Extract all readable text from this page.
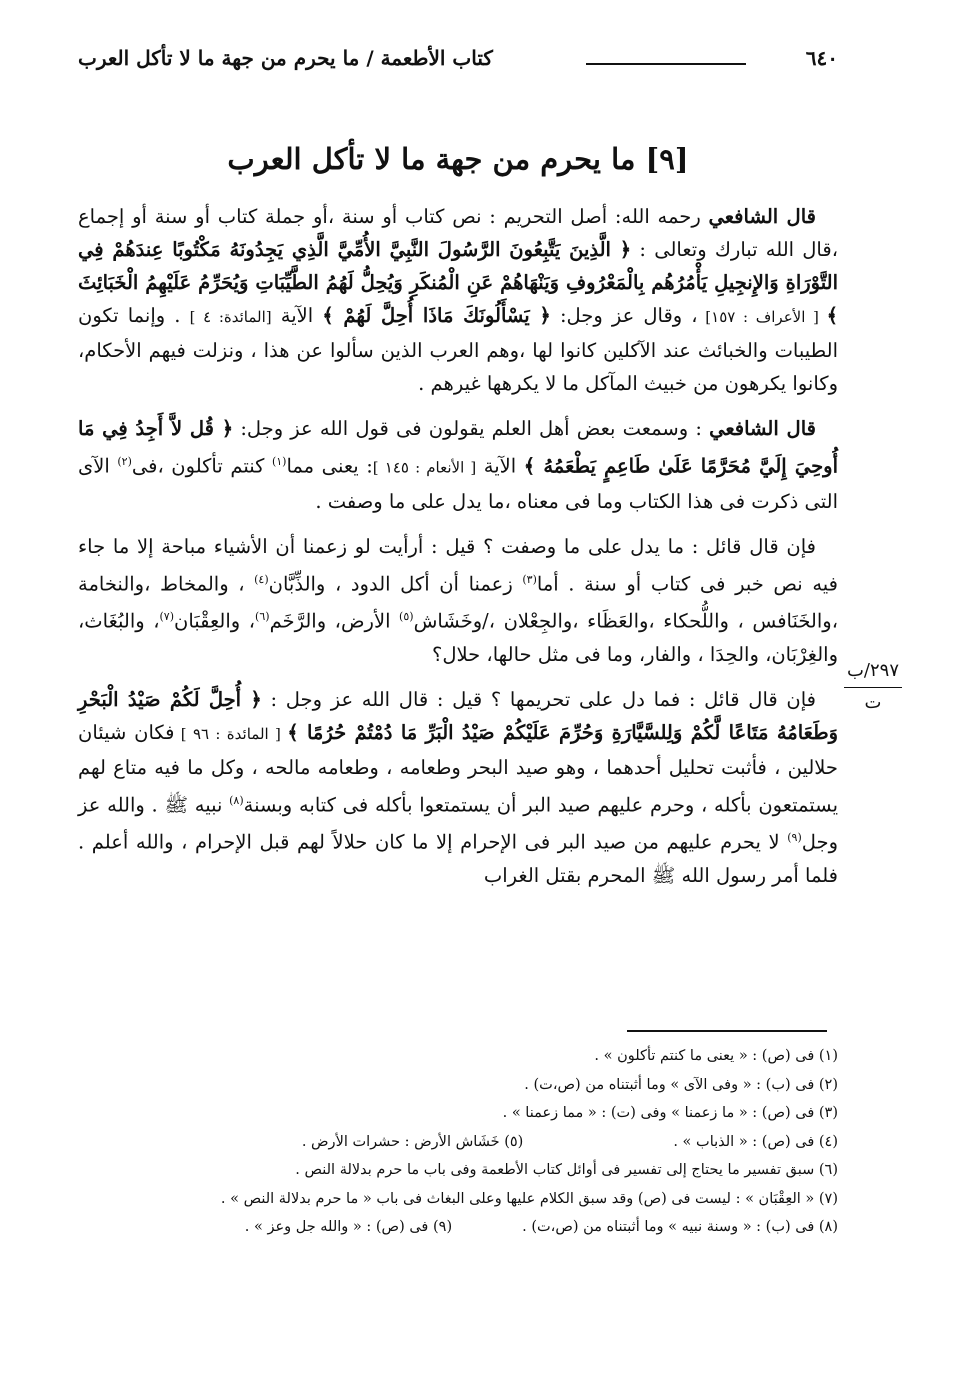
٦٤٠
كتاب الأطعمة / ما يحرم من جهة ما لا تأكل العرب
[٩] ما يحرم من جهة ما لا تأكل العرب
٢٩٧/ب
ت

قال الشافعي رحمه الله: أصل التحريم : نص كتاب أو سنة ،أو جملة كتاب أو سنة أو إجماع ،قال الله تبارك وتعالى : ﴿ الَّذِينَ يَتَّبِعُونَ الرَّسُولَ النَّبِيَّ الأُمِّيَّ الَّذِي يَجِدُونَهُ مَكْتُوبًا عِندَهُمْ فِي التَّوْرَاةِ وَالإِنجِيلِ يَأْمُرُهُم بِالْمَعْرُوفِ وَيَنْهَاهُمْ عَنِ الْمُنكَرِ وَيُحِلُّ لَهُمُ الطَّيِّبَاتِ وَيُحَرِّمُ عَلَيْهِمُ الْخَبَائِثَ ﴾ [ الأعراف : ١٥٧] ، وقال عز وجل: ﴿ يَسْأَلُونَكَ مَاذَا أُحِلَّ لَهُمْ ﴾ الآية [المائدة: ٤ ] . وإنما تكون الطيبات والخبائث عند الآكلين كانوا لها ،وهم العرب الذين سألوا عن هذا ، ونزلت فيهم الأحكام، وكانوا يكرهون من خبيث المآكل ما لا يكرهها غيرهم .

قال الشافعي : وسمعت بعض أهل العلم يقولون فى قول الله عز وجل: ﴿ قُل لاَّ أَجِدُ فِي مَا أُوحِيَ إِلَيَّ مُحَرَّمًا عَلَىٰ طَاعِمٍ يَطْعَمُهُ ﴾ الآية [ الأنعام : ١٤٥ ]: يعنى مما$^{(١)}$ كنتم تأكلون ،فى$^{(٢)}$ الآى التى ذكرت فى هذا الكتاب وما فى معناه ،ما يدل على ما وصفت .

فإن قال قائل : ما يدل على ما وصفت ؟ قيل : أرأيت لو زعمنا أن الأشياء مباحة إلا ما جاء فيه نص خبر فى كتاب أو سنة . أما$^{(٣)}$ زعمنا أن أكل الدود ، والذِّبَّان$^{(٤)}$ ، والمخاط ،والنخامة ،والخَنَافس ، واللُّحكاء ،والعَظَاء ،والجِعْلان ،/وخَشَاش$^{(٥)}$ الأرض، والرَّخَم$^{(٦)}$، والعِقْبَان$^{(٧)}$، والبُغَاث، والغِرْبَان، والحِدَا ، والفار، وما فى مثل حالها، حلال؟

فإن قال قائل : فما دل على تحريمها ؟ قيل : قال الله عز وجل : ﴿ أُحِلَّ لَكُمْ صَيْدُ الْبَحْرِ وَطَعَامُهُ مَتَاعًا لَّكُمْ وَلِلسَّيَّارَةِ وَحُرِّمَ عَلَيْكُمْ صَيْدُ الْبَرِّ مَا دُمْتُمْ حُرُمًا ﴾ [ المائدة : ٩٦ ] فكان شيئان حلالين ، فأثبت تحليل أحدهما ، وهو صيد البحر وطعامه ، وطعامه مالحه ، وكل ما فيه متاع لهم يستمتعون بأكله ، وحرم عليهم صيد البر أن يستمتعوا بأكله فى كتابه وبسنة$^{(٨)}$ نبيه ﷺ . والله عز وجل$^{(٩)}$ لا يحرم عليهم من صيد البر فى الإحرام إلا ما كان حلالاً لهم قبل الإحرام ، والله أعلم . فلما أمر رسول الله ﷺ المحرم بقتل الغراب

(١) فى (ص) : « يعنى ما كنتم تأكلون » .

(٢) فى (ب) : « وفى الآى » وما أثبتناه من (ص،ت) .

(٣) فى (ص) : « ما زعمنا » وفى (ت) : « مما زعمنا » .

(٤) فى (ص) : « الذباب » .

(٥) خَشَاش الأرض : حشرات الأرض .

(٦) سبق تفسير ما يحتاج إلى تفسير فى أوائل كتاب الأطعمة وفى باب ما حرم بدلالة النص .

(٧) « العِقْبَان » : ليست فى (ص) وقد سبق الكلام عليها وعلى البغاث فى باب « ما حرم بدلالة النص » .

(٨) فى (ب) : « وسنة نبيه » وما أثبتناه من (ص،ت) .

(٩) فى (ص) : « والله جل وعز » .
